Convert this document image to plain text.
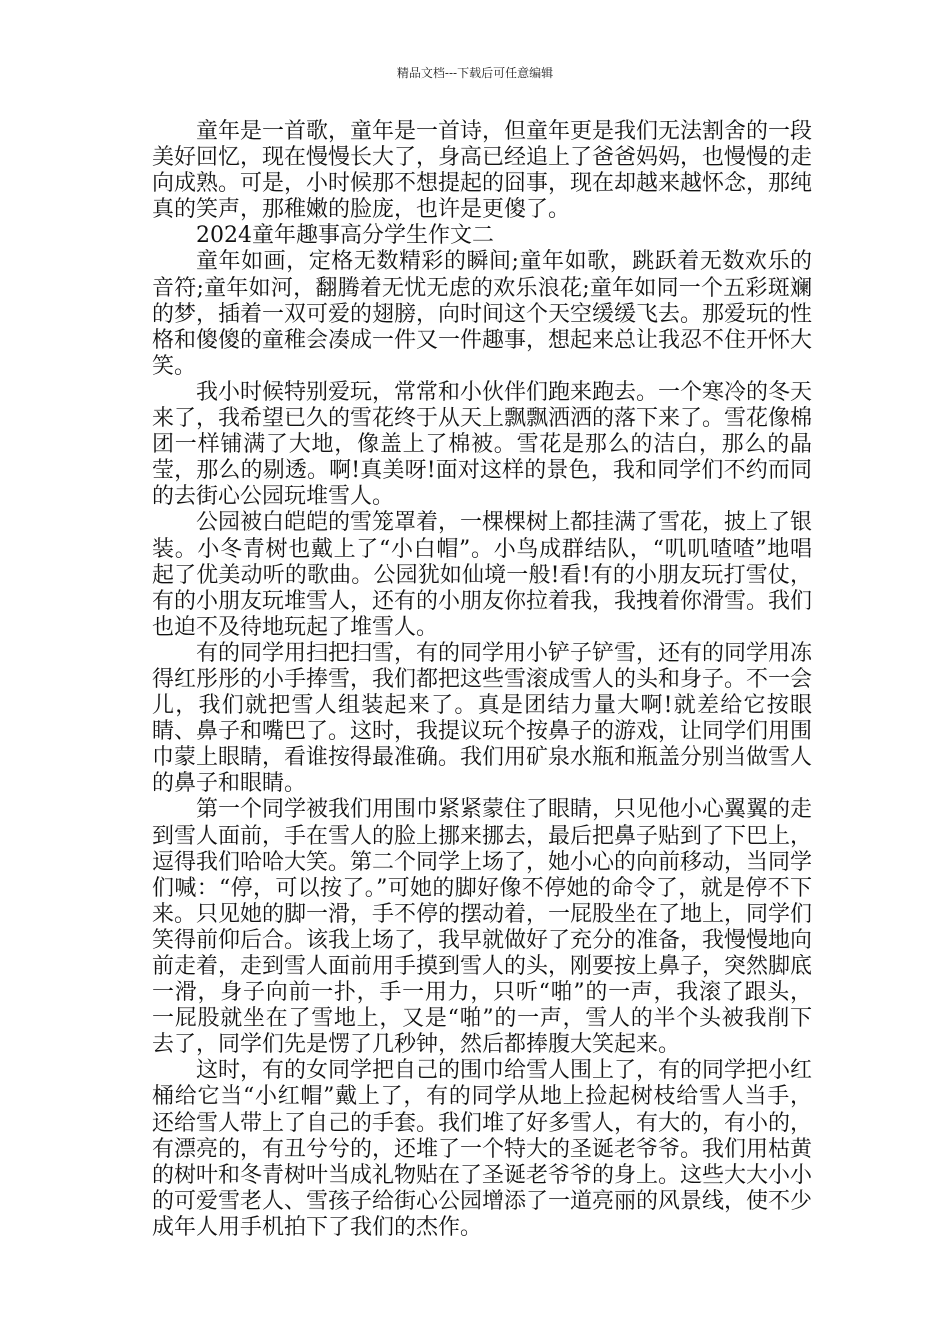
精品文档---下载后可任意编辑

童年是一首歌，童年是一首诗，但童年更是我们无法割舍的一段美好回忆，现在慢慢长大了，身高已经追上了爸爸妈妈，也慢慢的走向成熟。可是，小时候那不想提起的囧事，现在却越来越怀念，那纯真的笑声，那稚嫩的脸庞，也许是更傻了。

2024童年趣事高分学生作文二

童年如画，定格无数精彩的瞬间;童年如歌，跳跃着无数欢乐的音符;童年如河，翻腾着无忧无虑的欢乐浪花;童年如同一个五彩斑斓的梦，插着一双可爱的翅膀，向时间这个天空缓缓飞去。那爱玩的性格和傻傻的童稚会凑成一件又一件趣事，想起来总让我忍不住开怀大笑。

我小时候特别爱玩，常常和小伙伴们跑来跑去。一个寒冷的冬天来了，我希望已久的雪花终于从天上飘飘洒洒的落下来了。雪花像棉团一样铺满了大地，像盖上了棉被。雪花是那么的洁白，那么的晶莹，那么的剔透。啊!真美呀!面对这样的景色，我和同学们不约而同的去街心公园玩堆雪人。

公园被白皑皑的雪笼罩着，一棵棵树上都挂满了雪花，披上了银装。小冬青树也戴上了“小白帽”。小鸟成群结队，“叽叽喳喳”地唱起了优美动听的歌曲。公园犹如仙境一般!看!有的小朋友玩打雪仗，有的小朋友玩堆雪人，还有的小朋友你拉着我，我拽着你滑雪。我们也迫不及待地玩起了堆雪人。

有的同学用扫把扫雪，有的同学用小铲子铲雪，还有的同学用冻得红彤彤的小手捧雪，我们都把这些雪滚成雪人的头和身子。不一会儿，我们就把雪人组装起来了。真是团结力量大啊!就差给它按眼睛、鼻子和嘴巴了。这时，我提议玩个按鼻子的游戏，让同学们用围巾蒙上眼睛，看谁按得最准确。我们用矿泉水瓶和瓶盖分别当做雪人的鼻子和眼睛。

第一个同学被我们用围巾紧紧蒙住了眼睛，只见他小心翼翼的走到雪人面前，手在雪人的脸上挪来挪去，最后把鼻子贴到了下巴上，逗得我们哈哈大笑。第二个同学上场了，她小心的向前移动，当同学们喊：“停，可以按了。”可她的脚好像不停她的命令了，就是停不下来。只见她的脚一滑，手不停的摆动着，一屁股坐在了地上，同学们笑得前仰后合。该我上场了，我早就做好了充分的准备，我慢慢地向前走着，走到雪人面前用手摸到雪人的头，刚要按上鼻子，突然脚底一滑，身子向前一扑，手一用力，只听“啪”的一声，我滚了跟头，一屁股就坐在了雪地上，又是“啪”的一声，雪人的半个头被我削下去了，同学们先是愣了几秒钟，然后都捧腹大笑起来。

这时，有的女同学把自己的围巾给雪人围上了，有的同学把小红桶给它当“小红帽”戴上了，有的同学从地上捡起树枝给雪人当手，还给雪人带上了自己的手套。我们堆了好多雪人，有大的，有小的，有漂亮的，有丑兮兮的，还堆了一个特大的圣诞老爷爷。我们用枯黄的树叶和冬青树叶当成礼物贴在了圣诞老爷爷的身上。这些大大小小的可爱雪老人、雪孩子给街心公园增添了一道亮丽的风景线，使不少成年人用手机拍下了我们的杰作。
